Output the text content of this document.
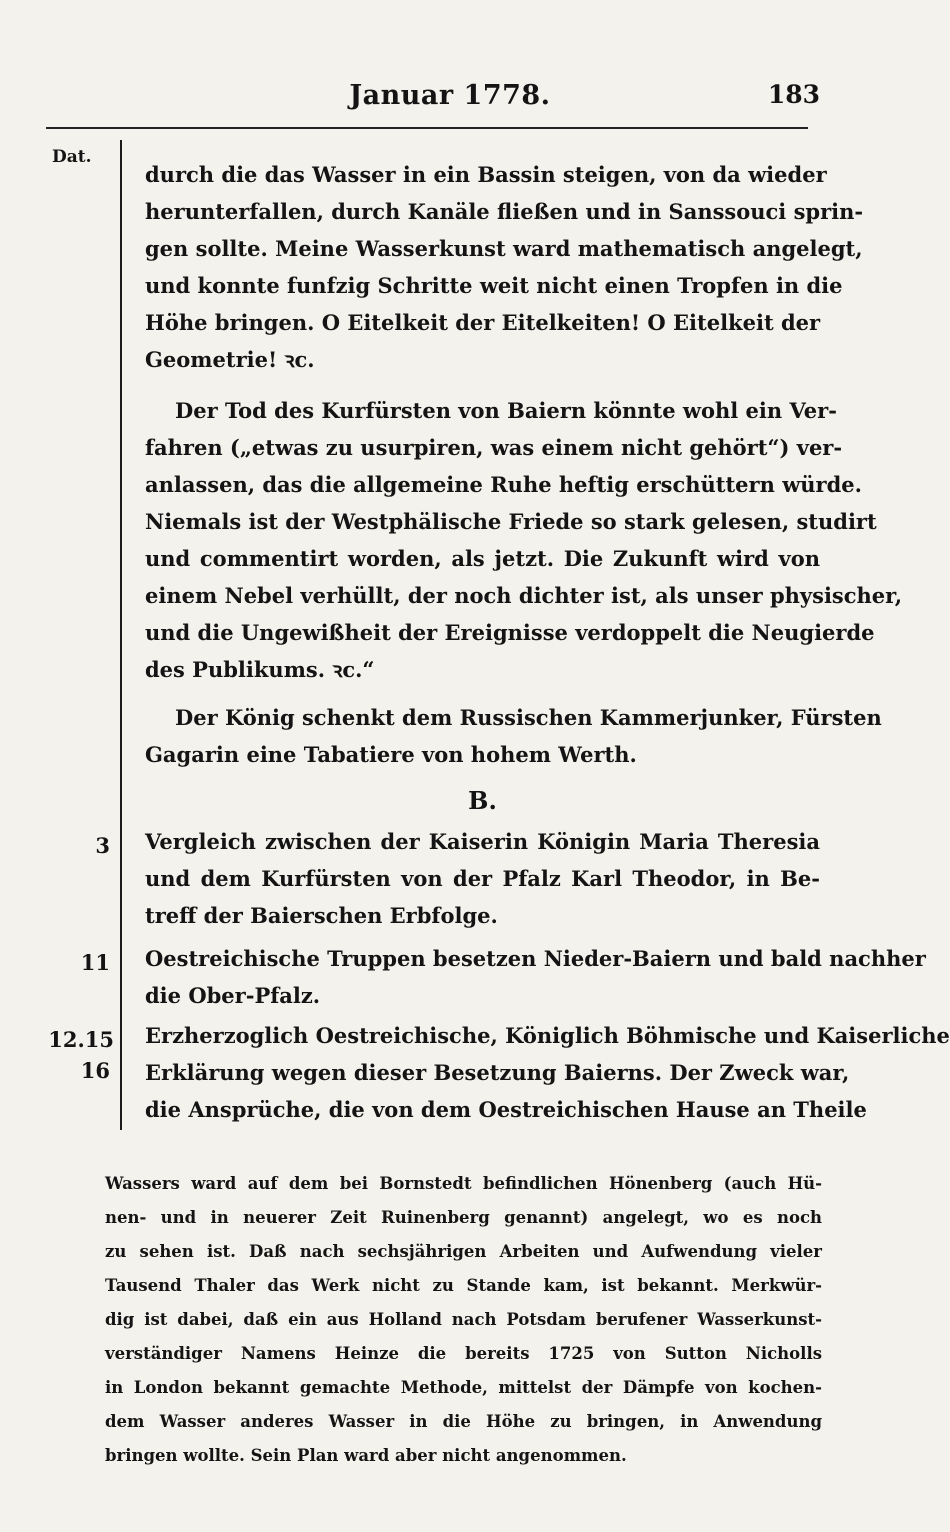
Januar 1778.	183
Dat.
durch die das Wasser in ein Bassin steigen, von da wieder
herunterfallen, durch Kanäle fließen und in Sanssouci sprin-
gen sollte. Meine Wasserkunst ward mathematisch angelegt,
und konnte funfzig Schritte weit nicht einen Tropfen in die
Höhe bringen. O Eitelkeit der Eitelkeiten! O Eitelkeit der
Geometrie! ꝛc.
Der Tod des Kurfürsten von Baiern könnte wohl ein Ver-
fahren („etwas zu usurpiren, was einem nicht gehört“) ver-
anlassen, das die allgemeine Ruhe heftig erschüttern würde.
Niemals ist der Westphälische Friede so stark gelesen, studirt
und commentirt worden, als jetzt. Die Zukunft wird von
einem Nebel verhüllt, der noch dichter ist, als unser physischer,
und die Ungewißheit der Ereignisse verdoppelt die Neugierde
des Publikums. ꝛc.“
Der König schenkt dem Russischen Kammerjunker, Fürsten
Gagarin eine Tabatiere von hohem Werth.
B.
3 Vergleich zwischen der Kaiserin Königin Maria Theresia
und dem Kurfürsten von der Pfalz Karl Theodor, in Be-
treff der Baierschen Erbfolge.
11 Oestreichische Truppen besetzen Nieder-Baiern und bald nachher
die Ober-Pfalz.
12.15
16
Erzherzoglich Oestreichische, Königlich Böhmische und Kaiserliche
Erklärung wegen dieser Besetzung Baierns. Der Zweck war,
die Ansprüche, die von dem Oestreichischen Hause an Theile
Wassers ward auf dem bei Bornstedt befindlichen Hönenberg (auch Hü-
nen- und in neuerer Zeit Ruinenberg genannt) angelegt, wo es noch
zu sehen ist. Daß nach sechsjährigen Arbeiten und Aufwendung vieler
Tausend Thaler das Werk nicht zu Stande kam, ist bekannt. Merkwür-
dig ist dabei, daß ein aus Holland nach Potsdam berufener Wasserkunst-
verständiger Namens Heinze die bereits 1725 von Sutton Nicholls
in London bekannt gemachte Methode, mittelst der Dämpfe von kochen-
dem Wasser anderes Wasser in die Höhe zu bringen, in Anwendung
bringen wollte. Sein Plan ward aber nicht angenommen.
